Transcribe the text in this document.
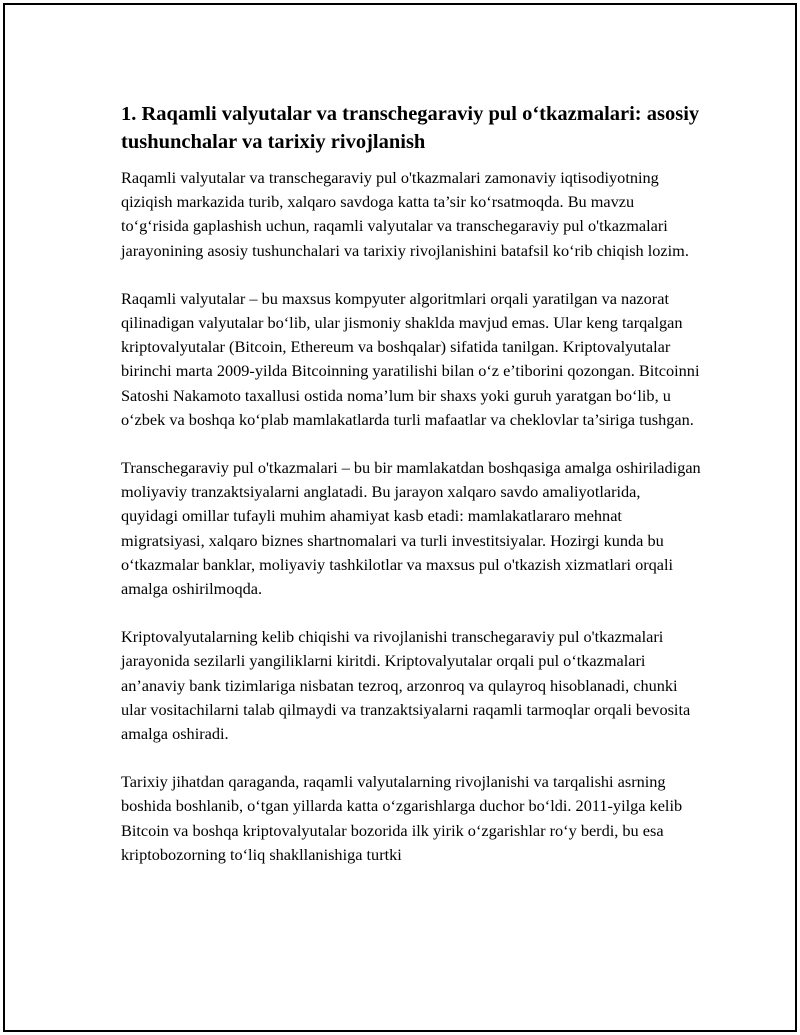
1. Raqamli valyutalar va transchegaraviy pul o‘tkazmalari: asosiy tushunchalar va tarixiy rivojlanish

Raqamli valyutalar va transchegaraviy pul o'tkazmalari zamonaviy iqtisodiyotning qiziqish markazida turib, xalqaro savdoga katta ta’sir ko‘rsatmoqda. Bu mavzu to‘g‘risida gaplashish uchun, raqamli valyutalar va transchegaraviy pul o'tkazmalari jarayonining asosiy tushunchalari va tarixiy rivojlanishini batafsil ko‘rib chiqish lozim.

Raqamli valyutalar – bu maxsus kompyuter algoritmlari orqali yaratilgan va nazorat qilinadigan valyutalar bo‘lib, ular jismoniy shaklda mavjud emas. Ular keng tarqalgan kriptovalyutalar (Bitcoin, Ethereum va boshqalar) sifatida tanilgan. Kriptovalyutalar birinchi marta 2009-yilda Bitcoinning yaratilishi bilan o‘z e’tiborini qozongan. Bitcoinni Satoshi Nakamoto taxallusi ostida noma’lum bir shaxs yoki guruh yaratgan bo‘lib, u o‘zbek va boshqa ko‘plab mamlakatlarda turli mafaatlar va cheklovlar ta’siriga tushgan.

Transchegaraviy pul o'tkazmalari – bu bir mamlakatdan boshqasiga amalga oshiriladigan moliyaviy tranzaktsiyalarni anglatadi. Bu jarayon xalqaro savdo amaliyotlarida, quyidagi omillar tufayli muhim ahamiyat kasb etadi: mamlakatlararo mehnat migratsiyasi, xalqaro biznes shartnomalari va turli investitsiyalar. Hozirgi kunda bu o‘tkazmalar banklar, moliyaviy tashkilotlar va maxsus pul o'tkazish xizmatlari orqali amalga oshirilmoqda.

Kriptovalyutalarning kelib chiqishi va rivojlanishi transchegaraviy pul o'tkazmalari jarayonida sezilarli yangiliklarni kiritdi. Kriptovalyutalar orqali pul o‘tkazmalari an’anaviy bank tizimlariga nisbatan tezroq, arzonroq va qulayroq hisoblanadi, chunki ular vositachilarni talab qilmaydi va tranzaktsiyalarni raqamli tarmoqlar orqali bevosita amalga oshiradi.

Tarixiy jihatdan qaraganda, raqamli valyutalarning rivojlanishi va tarqalishi asrning boshida boshlanib, o‘tgan yillarda katta o‘zgarishlarga duchor bo‘ldi. 2011-yilga kelib Bitcoin va boshqa kriptovalyutalar bozorida ilk yirik o‘zgarishlar ro‘y berdi, bu esa kriptobozorning to‘liq shakllanishiga turtki
